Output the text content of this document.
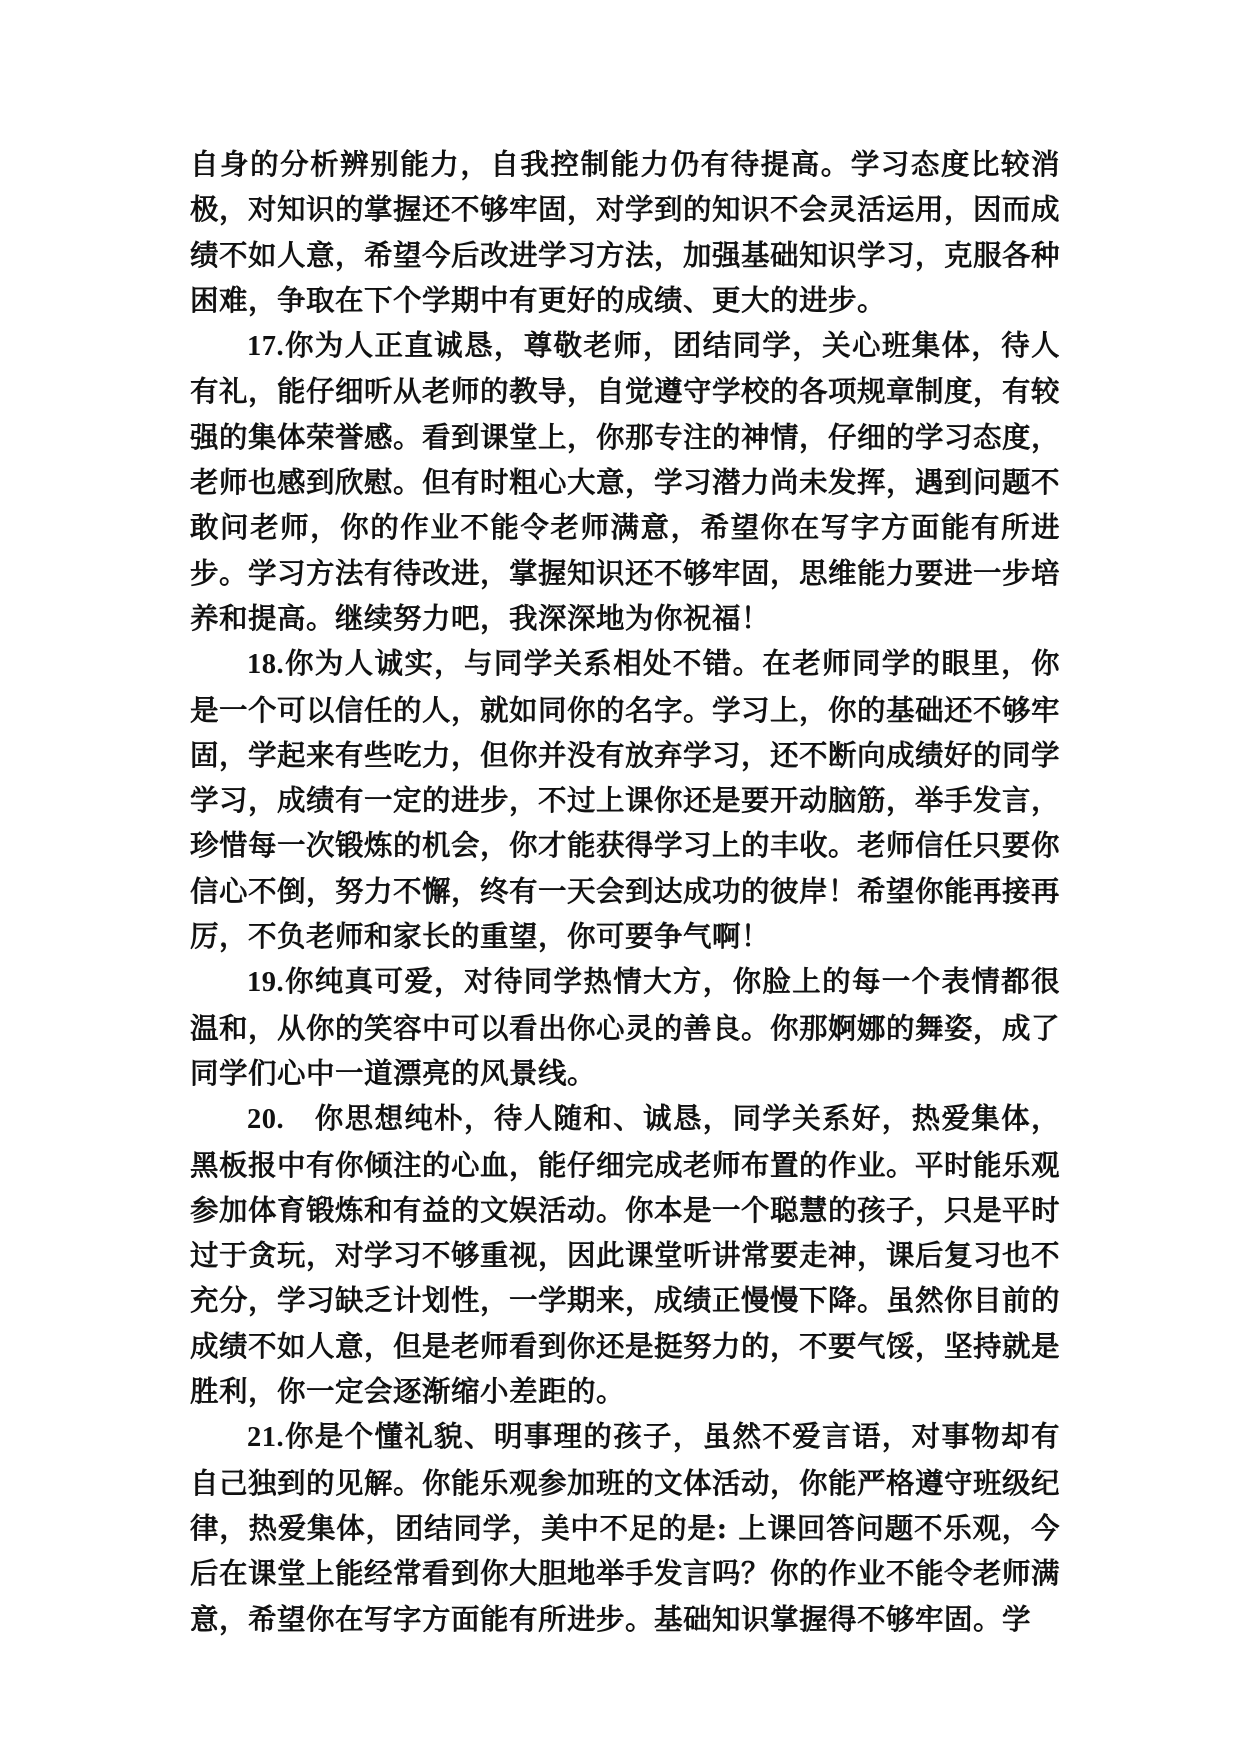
自身的分析辨别能力，自我控制能力仍有待提高。学习态度比较消极，对知识的掌握还不够牢固，对学到的知识不会灵活运用，因而成绩不如人意，希望今后改进学习方法，加强基础知识学习，克服各种困难，争取在下个学期中有更好的成绩、更大的进步。

17.你为人正直诚恳，尊敬老师，团结同学，关心班集体，待人有礼，能仔细听从老师的教导，自觉遵守学校的各项规章制度，有较强的集体荣誉感。看到课堂上，你那专注的神情，仔细的学习态度，老师也感到欣慰。但有时粗心大意，学习潜力尚未发挥，遇到问题不敢问老师，你的作业不能令老师满意，希望你在写字方面能有所进步。学习方法有待改进，掌握知识还不够牢固，思维能力要进一步培养和提高。继续努力吧，我深深地为你祝福！

18.你为人诚实，与同学关系相处不错。在老师同学的眼里，你是一个可以信任的人，就如同你的名字。学习上，你的基础还不够牢固，学起来有些吃力，但你并没有放弃学习，还不断向成绩好的同学学习，成绩有一定的进步，不过上课你还是要开动脑筋，举手发言，珍惜每一次锻炼的机会，你才能获得学习上的丰收。老师信任只要你信心不倒，努力不懈，终有一天会到达成功的彼岸！希望你能再接再厉，不负老师和家长的重望，你可要争气啊！

19.你纯真可爱，对待同学热情大方，你脸上的每一个表情都很温和，从你的笑容中可以看出你心灵的善良。你那婀娜的舞姿，成了同学们心中一道漂亮的风景线。

20.　你思想纯朴，待人随和、诚恳，同学关系好，热爱集体，黑板报中有你倾注的心血，能仔细完成老师布置的作业。平时能乐观参加体育锻炼和有益的文娱活动。你本是一个聪慧的孩子，只是平时过于贪玩，对学习不够重视，因此课堂听讲常要走神，课后复习也不充分，学习缺乏计划性，一学期来，成绩正慢慢下降。虽然你目前的成绩不如人意，但是老师看到你还是挺努力的，不要气馁，坚持就是胜利，你一定会逐渐缩小差距的。

21.你是个懂礼貌、明事理的孩子，虽然不爱言语，对事物却有自己独到的见解。你能乐观参加班的文体活动，你能严格遵守班级纪律，热爱集体，团结同学，美中不足的是: 上课回答问题不乐观，今后在课堂上能经常看到你大胆地举手发言吗？你的作业不能令老师满意，希望你在写字方面能有所进步。基础知识掌握得不够牢固。学
